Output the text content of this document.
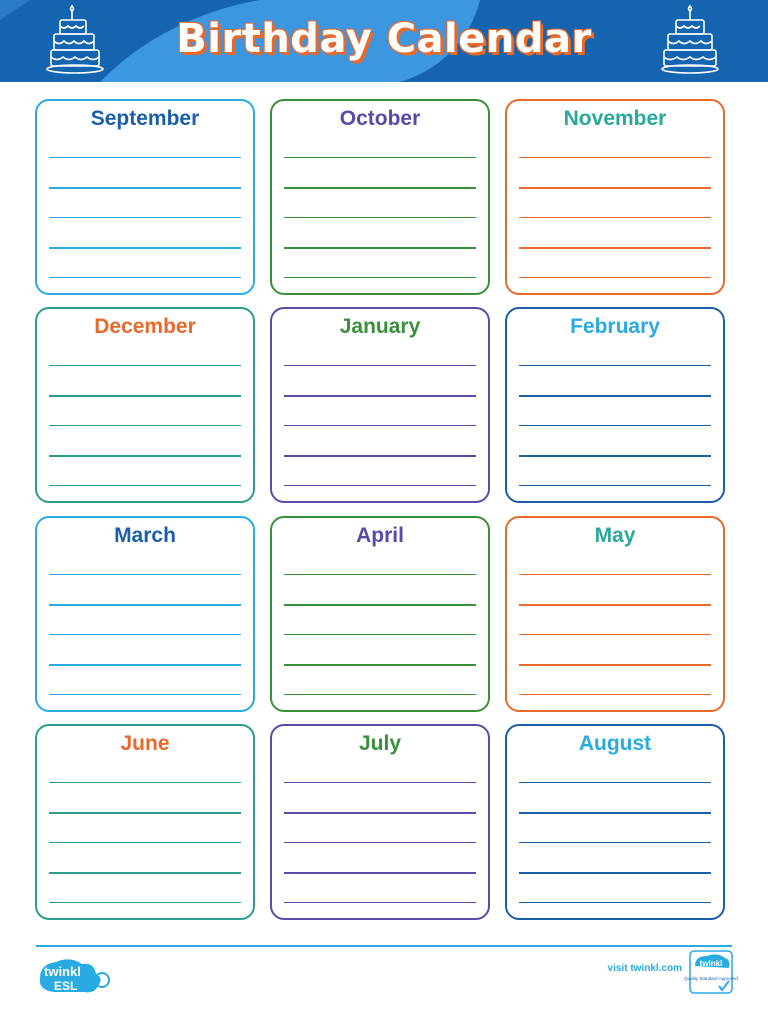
Birthday Calendar
September	October	November
December	January	February
March	April	May
June	July	August
twinkl
ESL
visit twinkl.com twinkl
Quality Standard Approved
